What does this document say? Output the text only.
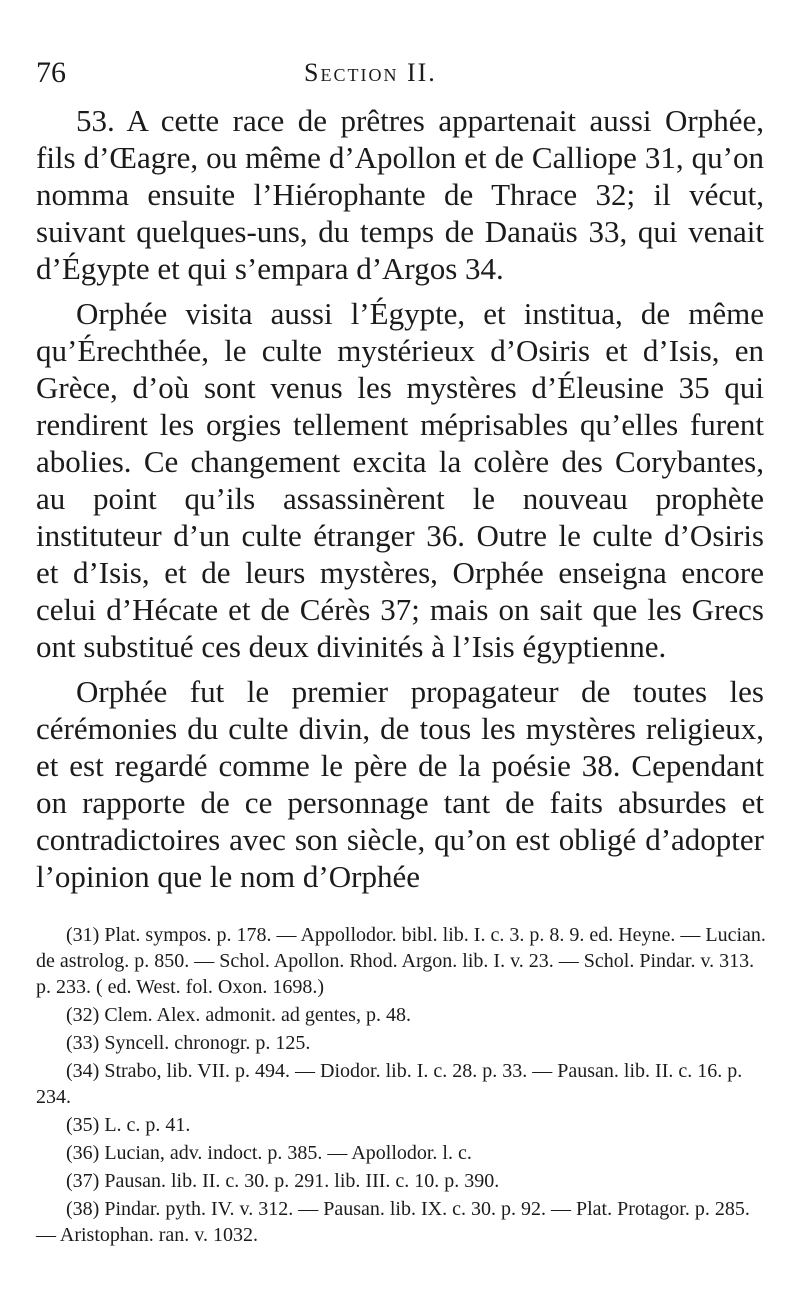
76	Section II.

53. A cette race de prêtres appartenait aussi Orphée, fils d’Œagre, ou même d’Apollon et de Calliope 31, qu’on nomma ensuite l’Hiérophante de Thrace 32; il vécut, suivant quelques-uns, du temps de Danaüs 33, qui venait d’Égypte et qui s’empara d’Argos 34.

Orphée visita aussi l’Égypte, et institua, de même qu’Érechthée, le culte mystérieux d’Osiris et d’Isis, en Grèce, d’où sont venus les mystères d’Éleusine 35 qui rendirent les orgies tellement méprisables qu’elles furent abolies. Ce changement excita la colère des Corybantes, au point qu’ils assassinèrent le nouveau prophète instituteur d’un culte étranger 36. Outre le culte d’Osiris et d’Isis, et de leurs mystères, Orphée enseigna encore celui d’Hécate et de Cérès 37; mais on sait que les Grecs ont substitué ces deux divinités à l’Isis égyptienne.

Orphée fut le premier propagateur de toutes les cérémonies du culte divin, de tous les mystères religieux, et est regardé comme le père de la poésie 38. Cependant on rapporte de ce personnage tant de faits absurdes et contradictoires avec son siècle, qu’on est obligé d’adopter l’opinion que le nom d’Orphée

(31) Plat. sympos. p. 178. — Appollodor. bibl. lib. I. c. 3. p. 8. 9. ed. Heyne. — Lucian. de astrolog. p. 850. — Schol. Apollon. Rhod. Argon. lib. I. v. 23. — Schol. Pindar. v. 313. p. 233. ( ed. West. fol. Oxon. 1698.)

(32) Clem. Alex. admonit. ad gentes, p. 48.

(33) Syncell. chronogr. p. 125.

(34) Strabo, lib. VII. p. 494. — Diodor. lib. I. c. 28. p. 33. — Pausan. lib. II. c. 16. p. 234.

(35) L. c. p. 41.

(36) Lucian, adv. indoct. p. 385. — Apollodor. l. c.

(37) Pausan. lib. II. c. 30. p. 291. lib. III. c. 10. p. 390.

(38) Pindar. pyth. IV. v. 312. — Pausan. lib. IX. c. 30. p. 92. — Plat. Protagor. p. 285. — Aristophan. ran. v. 1032.
